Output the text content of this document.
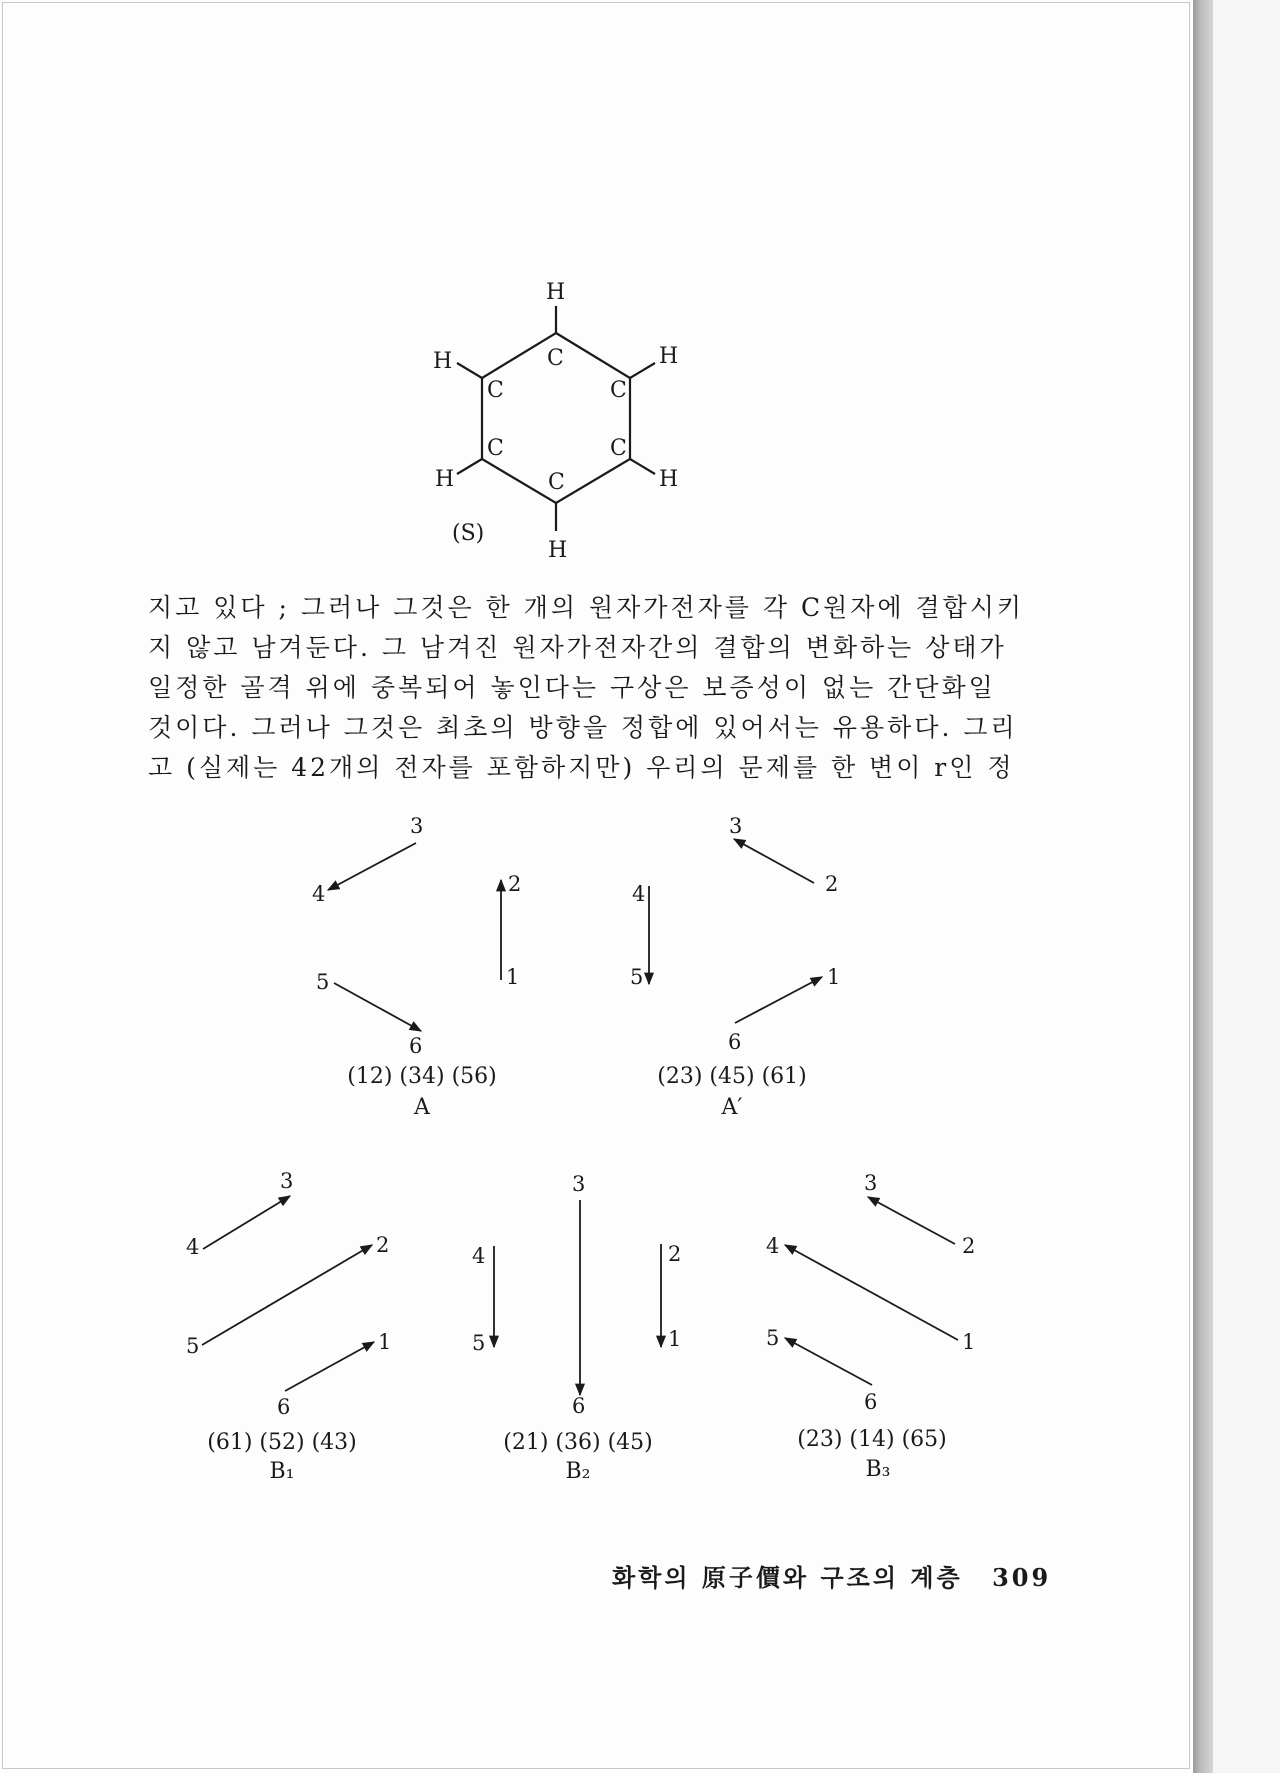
C
C
C
C
C
C
H
H
H
H
H
H
(S)
3
4	2
5	1
6
(12) (34) (56)
A
3
2
4
5	1
6
(23) (45) (61)
A′
3
4	2
5	1
6
(61) (52) (43)
B₁
3
4	2
5	1
6
(21) (36) (45)
B₂
3
2
4
1
5
6
(23) (14) (65)
B₃

지고 있다 ; 그러나 그것은 한 개의 원자가전자를 각 C원자에 결합시키
지 않고 남겨둔다. 그 남겨진 원자가전자간의 결합의 변화하는 상태가
일정한 골격 위에 중복되어 놓인다는 구상은 보증성이 없는 간단화일
것이다. 그러나 그것은 최초의 방향을 정합에 있어서는 유용하다. 그리
고 (실제는 42개의 전자를 포함하지만) 우리의 문제를 한 변이 r인 정

화학의 原子價와 구조의 계층 309
